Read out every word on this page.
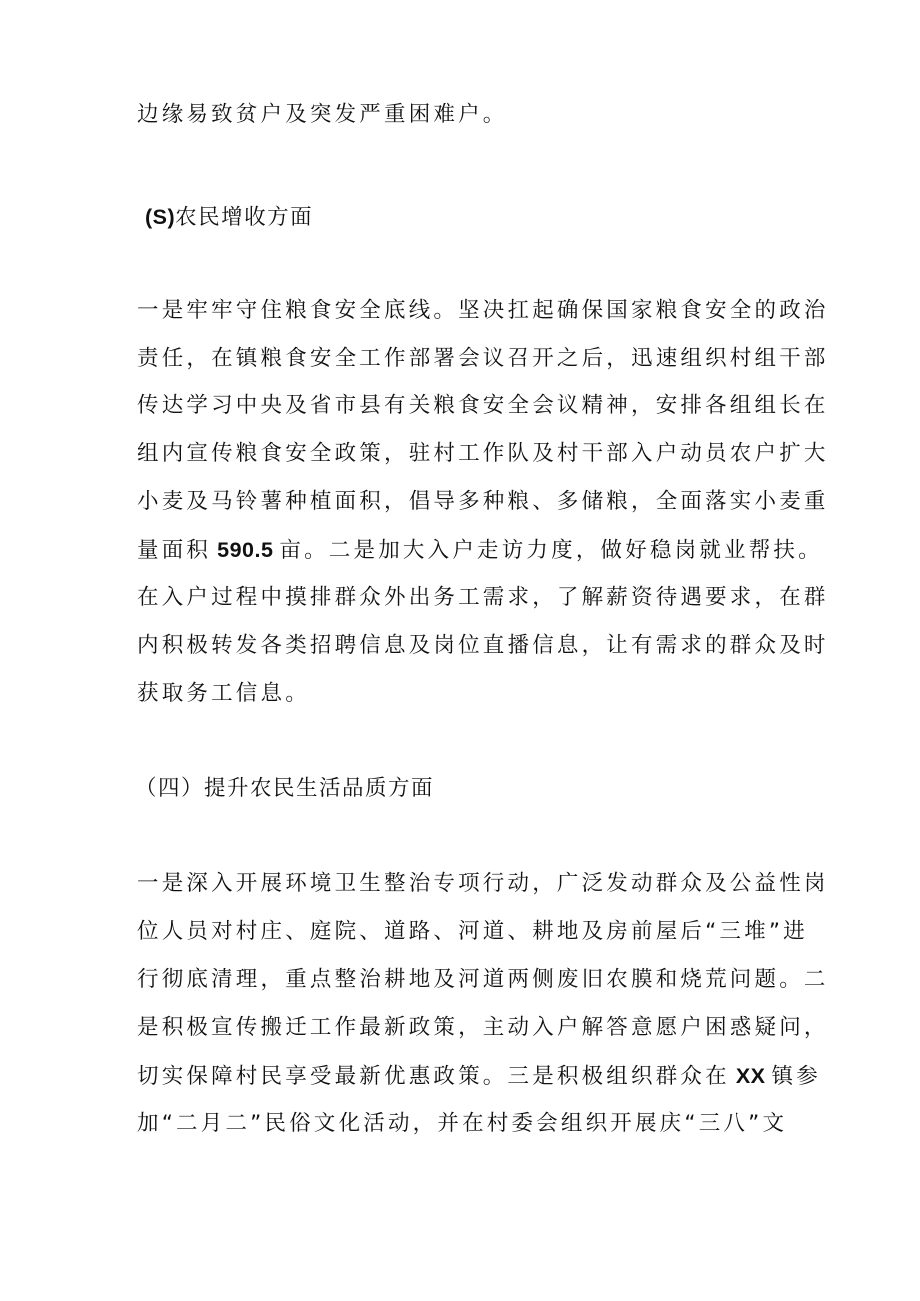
边缘易致贫户及突发严重困难户。
(S)农民增收方面
一是牢牢守住粮食安全底线。坚决扛起确保国家粮食安全的政治
责任，在镇粮食安全工作部署会议召开之后，迅速组织村组干部
传达学习中央及省市县有关粮食安全会议精神，安排各组组长在
组内宣传粮食安全政策，驻村工作队及村干部入户动员农户扩大
小麦及马铃薯种植面积，倡导多种粮、多储粮，全面落实小麦重
量面积 590.5 亩。二是加大入户走访力度，做好稳岗就业帮扶。
在入户过程中摸排群众外出务工需求，了解薪资待遇要求，在群
内积极转发各类招聘信息及岗位直播信息，让有需求的群众及时
获取务工信息。
（四）提升农民生活品质方面
一是深入开展环境卫生整治专项行动，广泛发动群众及公益性岗
位人员对村庄、庭院、道路、河道、耕地及房前屋后“三堆”进
行彻底清理，重点整治耕地及河道两侧废旧农膜和烧荒问题。二
是积极宣传搬迁工作最新政策，主动入户解答意愿户困惑疑问，
切实保障村民享受最新优惠政策。三是积极组织群众在 XX 镇参
加“二月二”民俗文化活动，并在村委会组织开展庆“三八”文
